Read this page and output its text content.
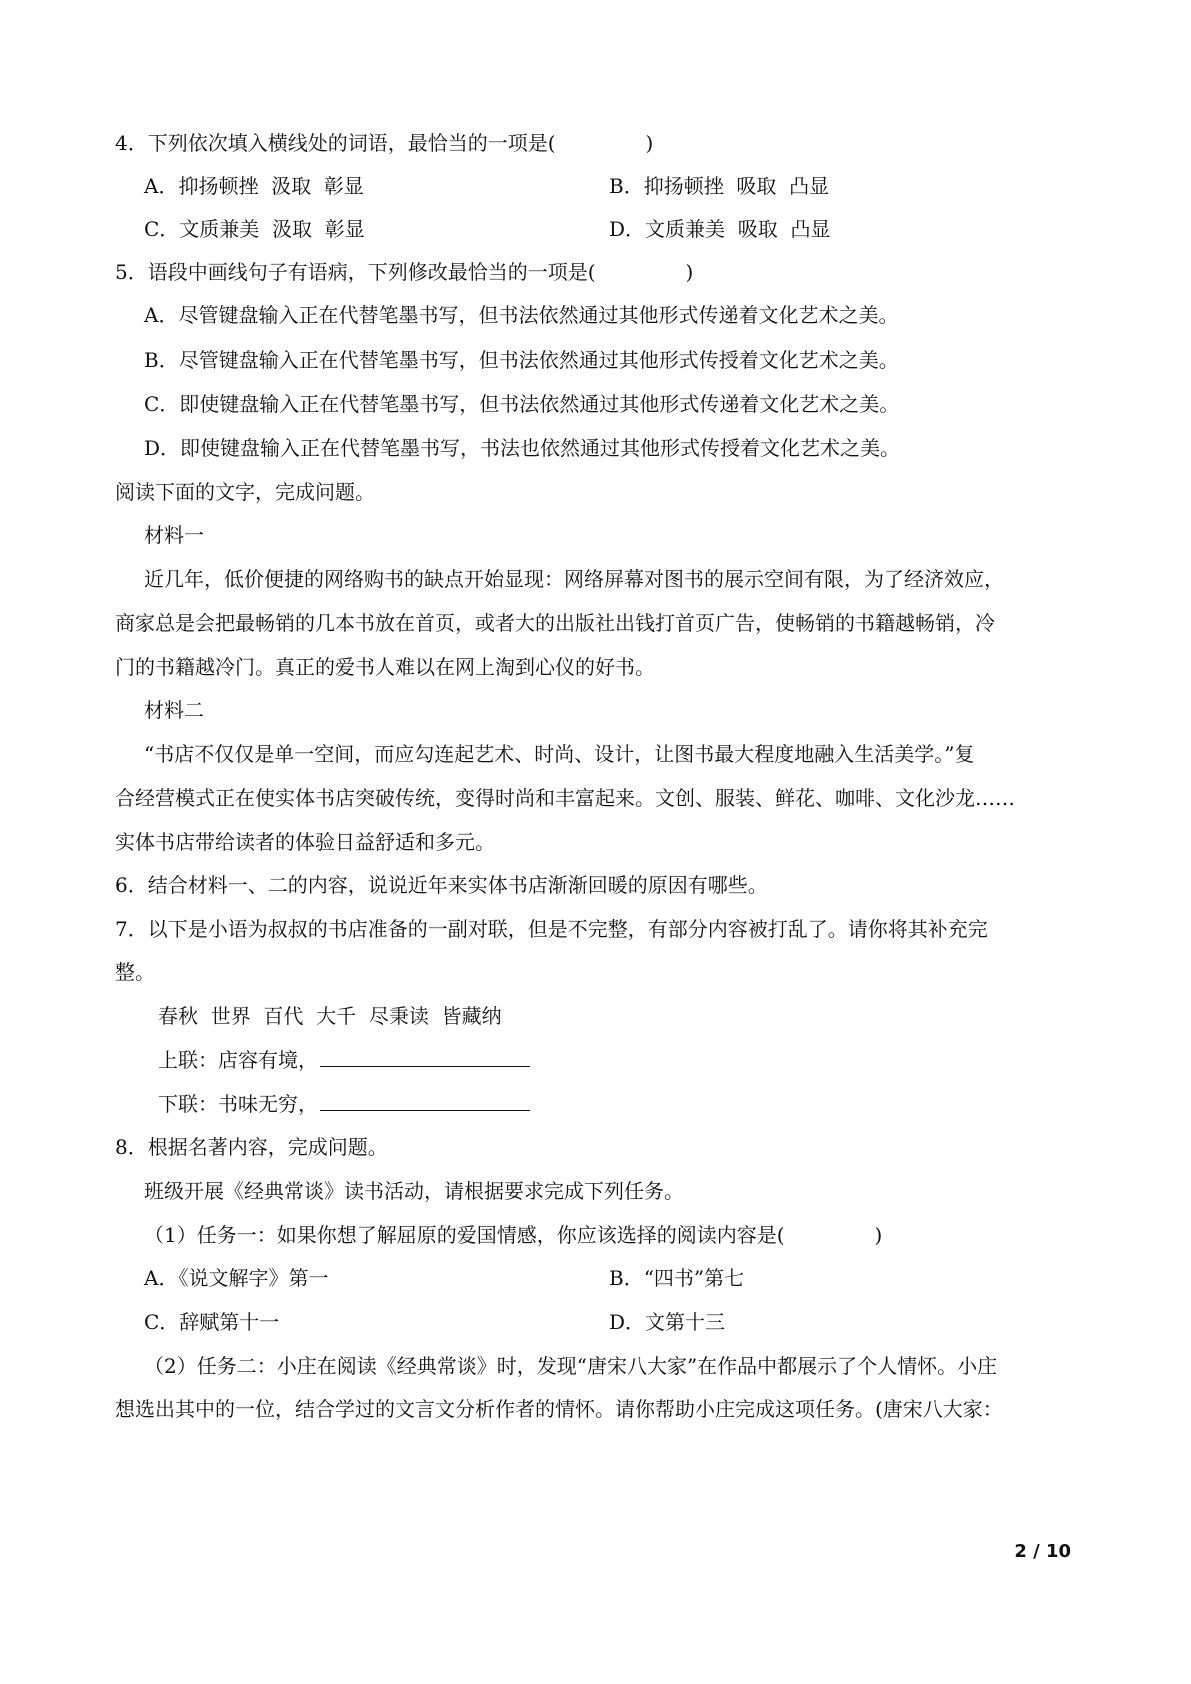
4．下列依次填入横线处的词语，最恰当的一项是(	)
A．抑扬顿挫  汲取  彰显	B．抑扬顿挫  吸取  凸显
C．文质兼美  汲取  彰显	D．文质兼美  吸取  凸显
5．语段中画线句子有语病，下列修改最恰当的一项是(	)
A．尽管键盘输入正在代替笔墨书写，但书法依然通过其他形式传递着文化艺术之美。
B．尽管键盘输入正在代替笔墨书写，但书法依然通过其他形式传授着文化艺术之美。
C．即使键盘输入正在代替笔墨书写，但书法依然通过其他形式传递着文化艺术之美。
D．即使键盘输入正在代替笔墨书写，书法也依然通过其他形式传授着文化艺术之美。
阅读下面的文字，完成问题。
材料一
近几年，低价便捷的网络购书的缺点开始显现：网络屏幕对图书的展示空间有限，为了经济效应，
商家总是会把最畅销的几本书放在首页，或者大的出版社出钱打首页广告，使畅销的书籍越畅销，冷
门的书籍越冷门。真正的爱书人难以在网上淘到心仪的好书。
材料二
“书店不仅仅是单一空间，而应勾连起艺术、时尚、设计，让图书最大程度地融入生活美学。”复
合经营模式正在使实体书店突破传统，变得时尚和丰富起来。文创、服装、鲜花、咖啡、文化沙龙……
实体书店带给读者的体验日益舒适和多元。
6．结合材料一、二的内容，说说近年来实体书店渐渐回暖的原因有哪些。
7．以下是小语为叔叔的书店准备的一副对联，但是不完整，有部分内容被打乱了。请你将其补充完
整。
春秋  世界  百代  大千  尽秉读  皆藏纳
上联：店容有境，
下联：书味无穷，
8．根据名著内容，完成问题。
班级开展《经典常谈》读书活动，请根据要求完成下列任务。
（1）任务一：如果你想了解屈原的爱国情感，你应该选择的阅读内容是(	)
A．《说文解字》第一	B．“四书”第七
C．辞赋第十一	D．文第十三
（2）任务二：小庄在阅读《经典常谈》时，发现“唐宋八大家”在作品中都展示了个人情怀。小庄
想选出其中的一位，结合学过的文言文分析作者的情怀。请你帮助小庄完成这项任务。(唐宋八大家：
2 / 10
